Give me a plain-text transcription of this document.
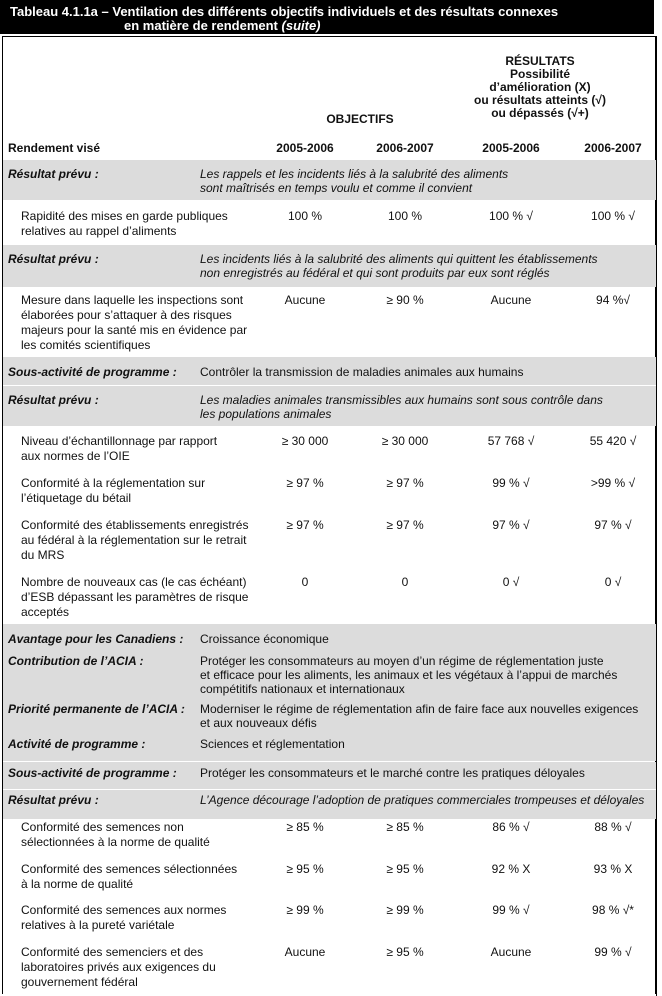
Tableau 4.1.1a – Ventilation des différents objectifs individuels et des résultats connexes
en matière de rendement (suite)
RÉSULTATS
Possibilité
d’amélioration (X)
ou résultats atteints (√)
ou dépassés (√+)
OBJECTIFS
Rendement visé	2005-2006	2006-2007	2005-2006	2006-2007
Résultat prévu :	Les rappels et les incidents liés à la salubrité des aliments
sont maîtrisés en temps voulu et comme il convient
Rapidité des mises en garde publiques
relatives au rappel d’aliments
100 %	100 %	100 % √	100 % √
Résultat prévu :	Les incidents liés à la salubrité des aliments qui quittent les établissements
non enregistrés au fédéral et qui sont produits par eux sont réglés
Mesure dans laquelle les inspections sont
élaborées pour s’attaquer à des risques
majeurs pour la santé mis en évidence par
les comités scientifiques
Aucune	≥ 90 %	Aucune	94 %√
Sous-activité de programme : Contrôler la transmission de maladies animales aux humains
Résultat prévu :	Les maladies animales transmissibles aux humains sont sous contrôle dans
les populations animales
Niveau d’échantillonnage par rapport
aux normes de l’OIE
≥ 30 000	≥ 30 000	57 768 √	55 420 √
Conformité à la réglementation sur
l’étiquetage du bétail
≥ 97 %	≥ 97 %	99 % √	>99 % √
Conformité des établissements enregistrés
au fédéral à la réglementation sur le retrait
du MRS
≥ 97 %	≥ 97 %	97 % √	97 % √
Nombre de nouveaux cas (le cas échéant)
d’ESB dépassant les paramètres de risque
acceptés
0	0	0 √	0 √
Avantage pour les Canadiens : Croissance économique
Contribution de l’ACIA :	Protéger les consommateurs au moyen d’un régime de réglementation juste
et efficace pour les aliments, les animaux et les végétaux à l’appui de marchés
compétitifs nationaux et internationaux
Priorité permanente de l’ACIA : Moderniser le régime de réglementation afin de faire face aux nouvelles exigences
et aux nouveaux défis
Activité de programme :	Sciences et réglementation
Sous-activité de programme : Protéger les consommateurs et le marché contre les pratiques déloyales
Résultat prévu :	L’Agence décourage l’adoption de pratiques commerciales trompeuses et déloyales
Conformité des semences non
sélectionnées à la norme de qualité
≥ 85 %	≥ 85 %	86 % √	88 % √
Conformité des semences sélectionnées
à la norme de qualité
≥ 95 %	≥ 95 %	92 % X	93 % X
Conformité des semences aux normes
relatives à la pureté variétale
≥ 99 %	≥ 99 %	99 % √	98 % √*
Conformité des semenciers et des
laboratoires privés aux exigences du
gouvernement fédéral
Aucune	≥ 95 %	Aucune	99 % √
